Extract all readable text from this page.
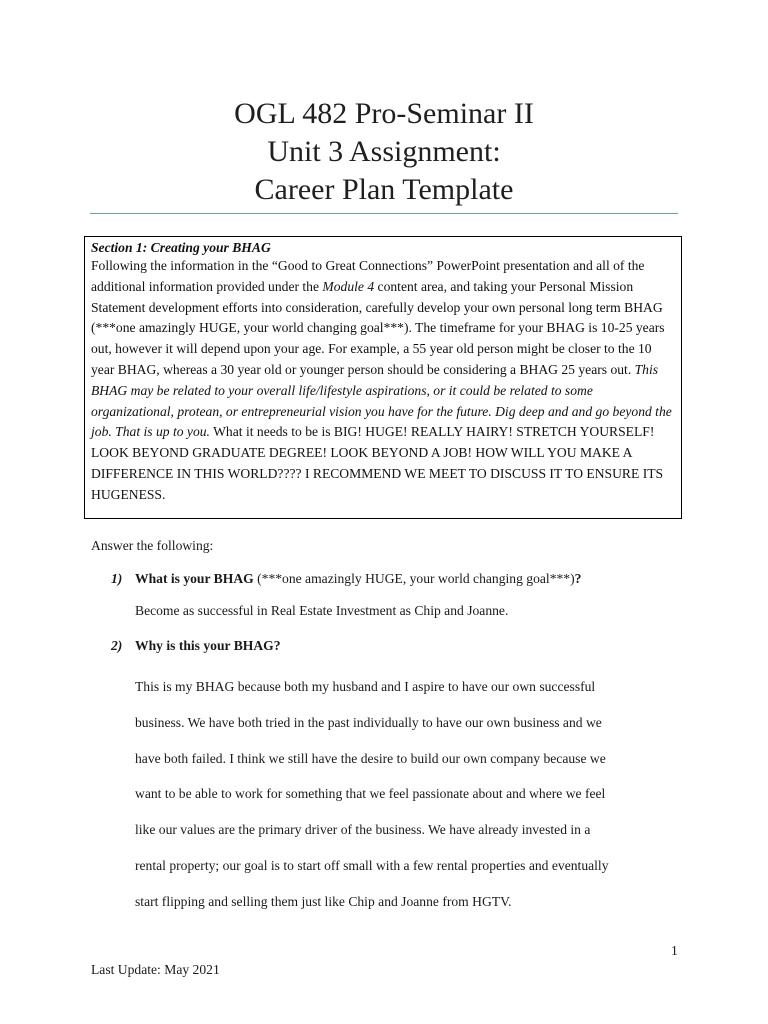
OGL 482 Pro-Seminar II
Unit 3 Assignment:
Career Plan Template
Section 1: Creating your BHAG
Following the information in the “Good to Great Connections” PowerPoint presentation and all of the additional information provided under the Module 4 content area, and taking your Personal Mission Statement development efforts into consideration, carefully develop your own personal long term BHAG (***one amazingly HUGE, your world changing goal***). The timeframe for your BHAG is 10-25 years out, however it will depend upon your age. For example, a 55 year old person might be closer to the 10 year BHAG, whereas a 30 year old or younger person should be considering a BHAG 25 years out. This BHAG may be related to your overall life/lifestyle aspirations, or it could be related to some organizational, protean, or entrepreneurial vision you have for the future. Dig deep and and go beyond the job. That is up to you. What it needs to be is BIG! HUGE! REALLY HAIRY! STRETCH YOURSELF! LOOK BEYOND GRADUATE DEGREE! LOOK BEYOND A JOB! HOW WILL YOU MAKE A DIFFERENCE IN THIS WORLD???? I RECOMMEND WE MEET TO DISCUSS IT TO ENSURE ITS HUGENESS.
Answer the following:
1) What is your BHAG (***one amazingly HUGE, your world changing goal***)?
Become as successful in Real Estate Investment as Chip and Joanne.
2) Why is this your BHAG?
This is my BHAG because both my husband and I aspire to have our own successful
business. We have both tried in the past individually to have our own business and we
have both failed. I think we still have the desire to build our own company because we
want to be able to work for something that we feel passionate about and where we feel
like our values are the primary driver of the business. We have already invested in a
rental property; our goal is to start off small with a few rental properties and eventually
start flipping and selling them just like Chip and Joanne from HGTV.
1
Last Update: May 2021
